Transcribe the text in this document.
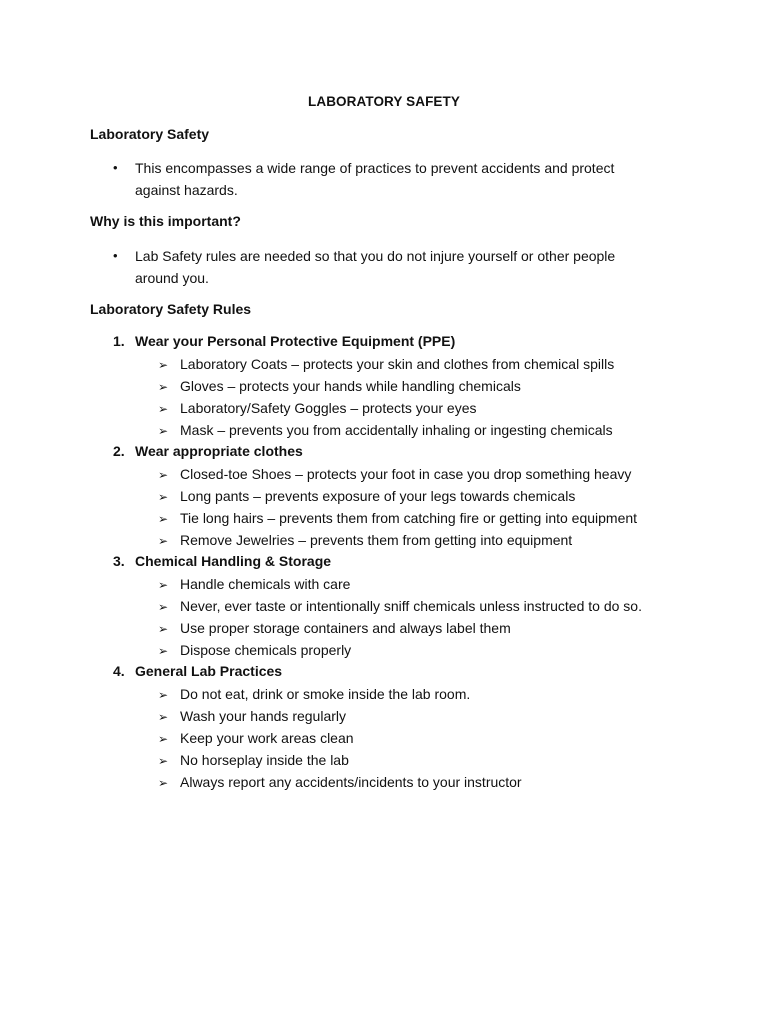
LABORATORY SAFETY
Laboratory Safety
•	This encompasses a wide range of practices to prevent accidents and protect against hazards.
Why is this important?
•	Lab Safety rules are needed so that you do not injure yourself or other people around you.
Laboratory Safety Rules
1. Wear your Personal Protective Equipment (PPE)
➢ Laboratory Coats – protects your skin and clothes from chemical spills
➢ Gloves – protects your hands while handling chemicals
➢ Laboratory/Safety Goggles – protects your eyes
➢ Mask – prevents you from accidentally inhaling or ingesting chemicals
2. Wear appropriate clothes
➢ Closed-toe Shoes – protects your foot in case you drop something heavy
➢ Long pants – prevents exposure of your legs towards chemicals
➢ Tie long hairs – prevents them from catching fire or getting into equipment
➢ Remove Jewelries – prevents them from getting into equipment
3. Chemical Handling & Storage
➢ Handle chemicals with care
➢ Never, ever taste or intentionally sniff chemicals unless instructed to do so.
➢ Use proper storage containers and always label them
➢ Dispose chemicals properly
4. General Lab Practices
➢ Do not eat, drink or smoke inside the lab room.
➢ Wash your hands regularly
➢ Keep your work areas clean
➢ No horseplay inside the lab
➢ Always report any accidents/incidents to your instructor
